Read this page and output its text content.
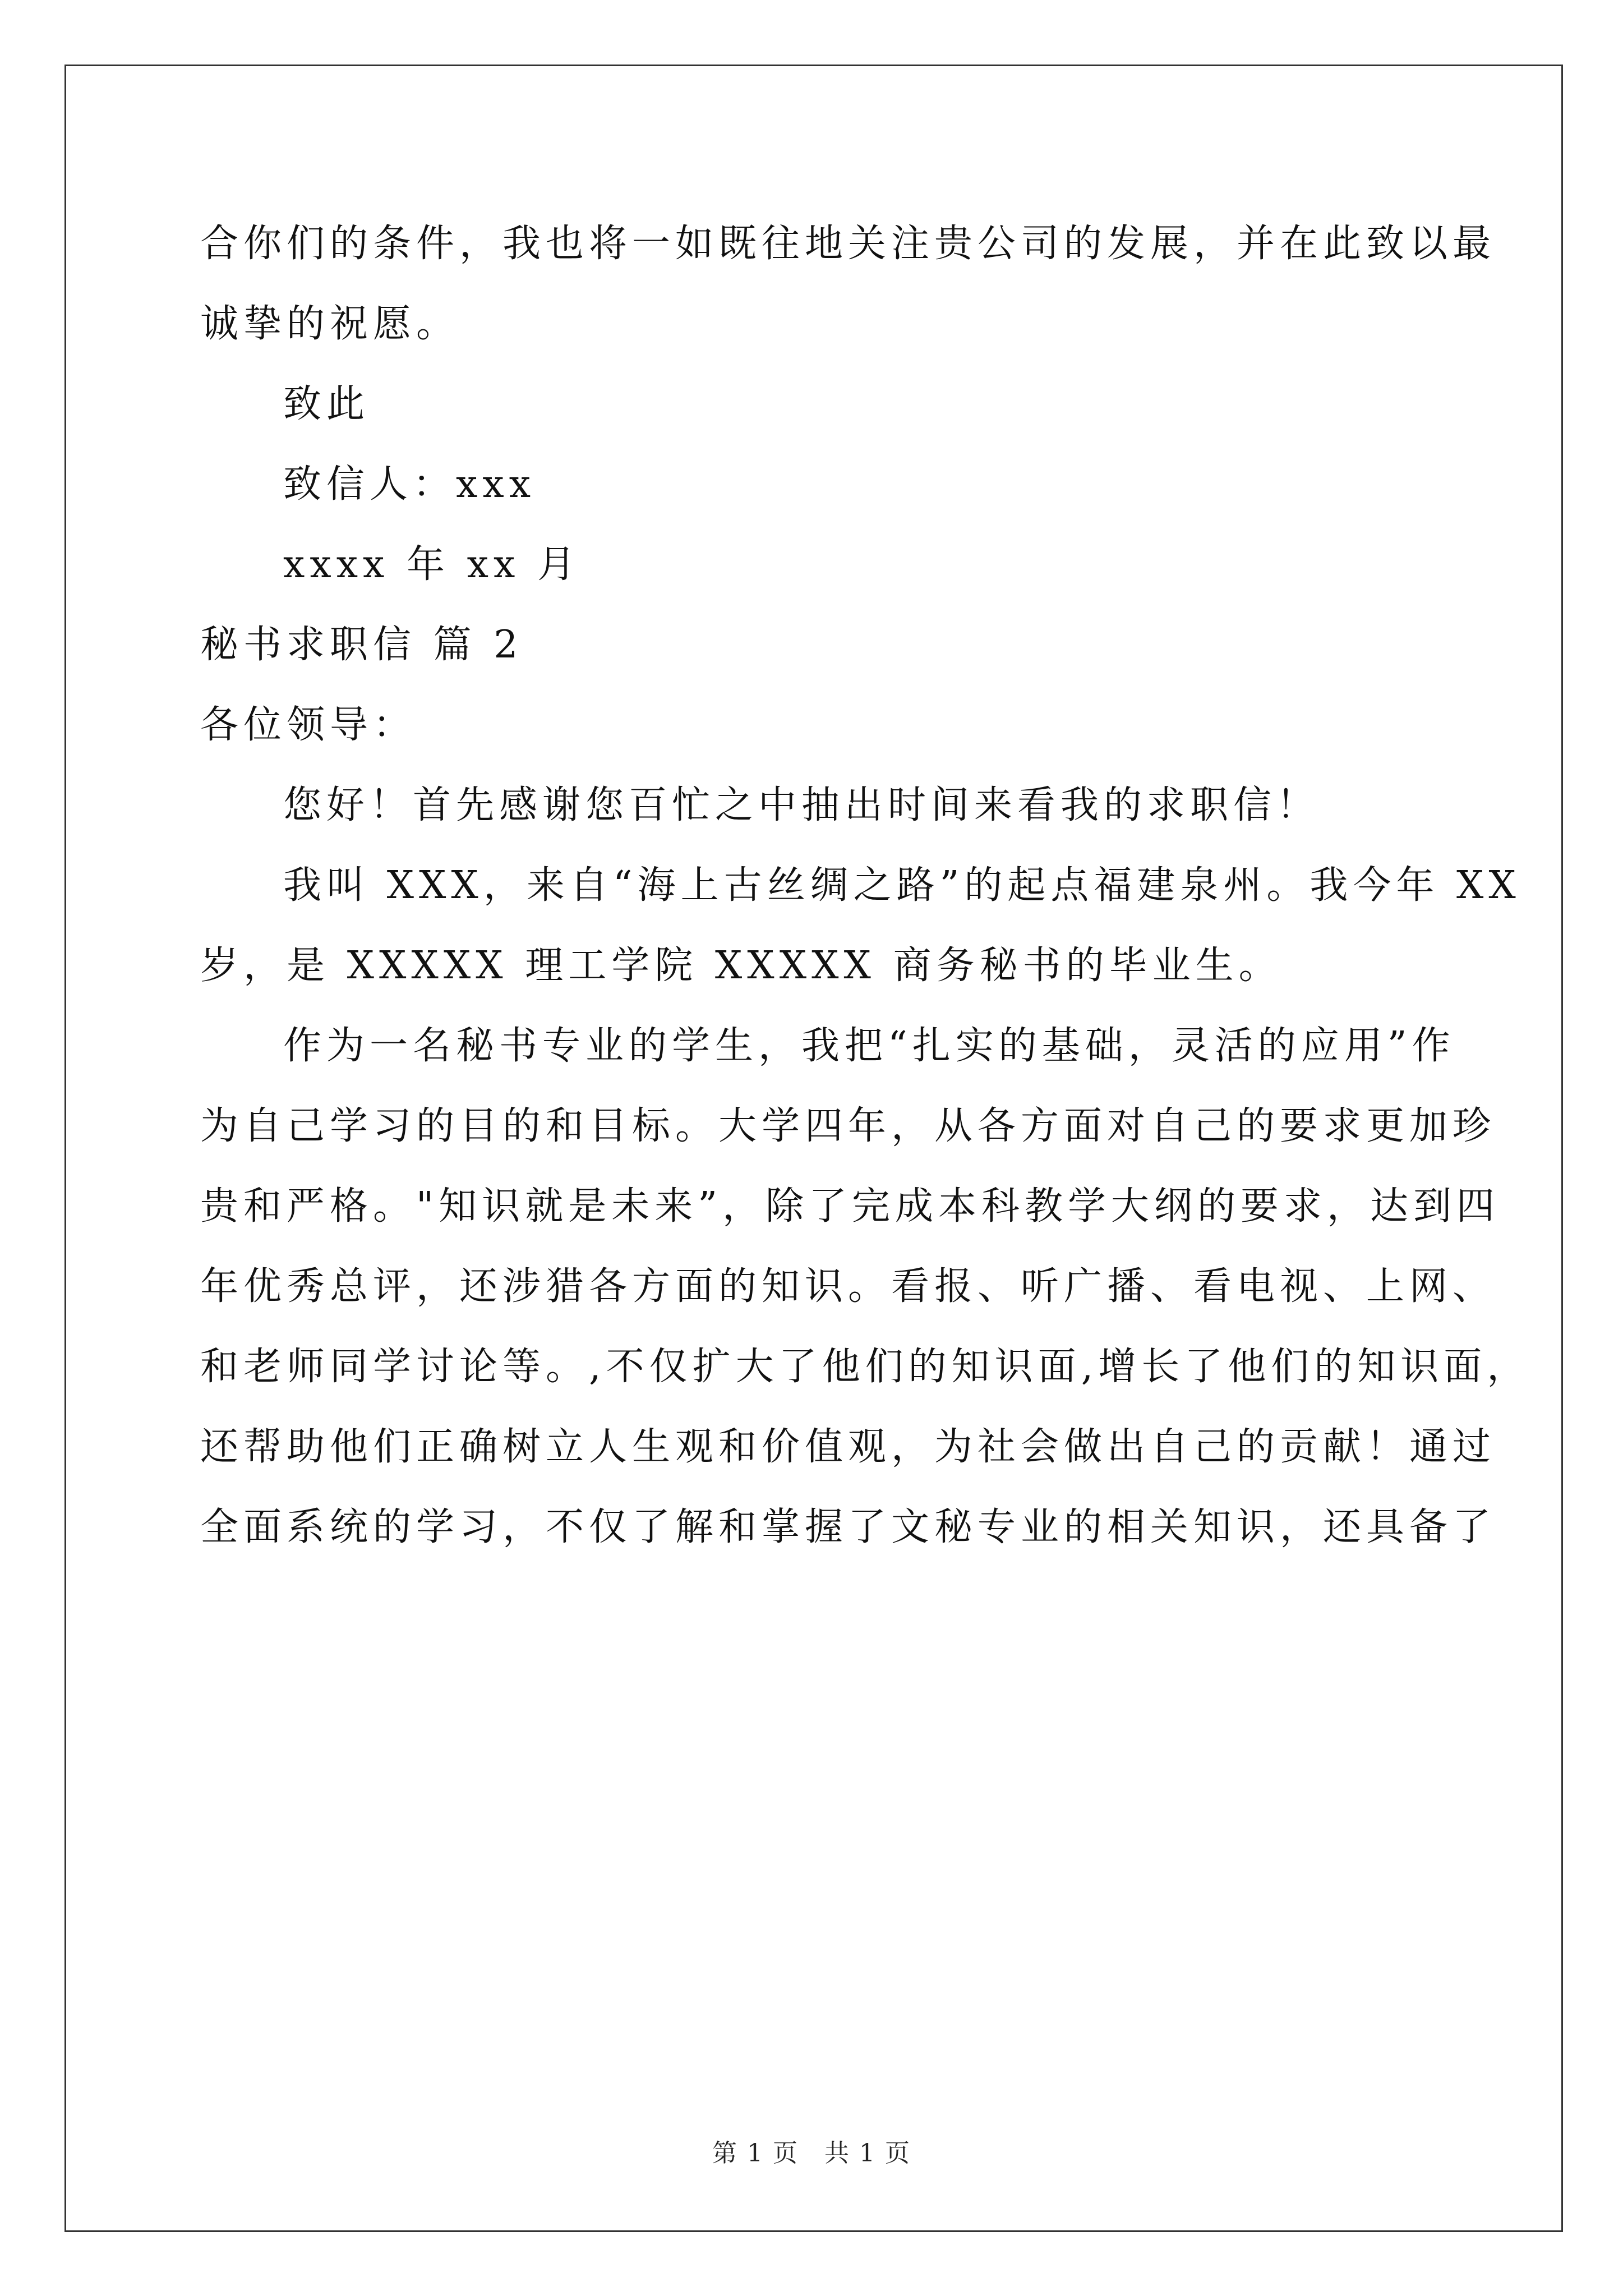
合你们的条件，我也将一如既往地关注贵公司的发展，并在此致以最
诚挚的祝愿。
致此
致信人：xxx
xxxx 年 xx 月
秘书求职信 篇 2
各位领导：
您好！首先感谢您百忙之中抽出时间来看我的求职信！
我叫 XXX，来自“海上古丝绸之路”的起点福建泉州。我今年 XX
岁，是 XXXXX 理工学院 XXXXX 商务秘书的毕业生。
作为一名秘书专业的学生，我把“扎实的基础，灵活的应用”作
为自己学习的目的和目标。大学四年，从各方面对自己的要求更加珍
贵和严格。"知识就是未来”，除了完成本科教学大纲的要求，达到四
年优秀总评，还涉猎各方面的知识。看报、听广播、看电视、上网、
和老师同学讨论等。,不仅扩大了他们的知识面,增长了他们的知识面，
还帮助他们正确树立人生观和价值观，为社会做出自己的贡献！通过
全面系统的学习，不仅了解和掌握了文秘专业的相关知识，还具备了
第 1 页　共 1 页
